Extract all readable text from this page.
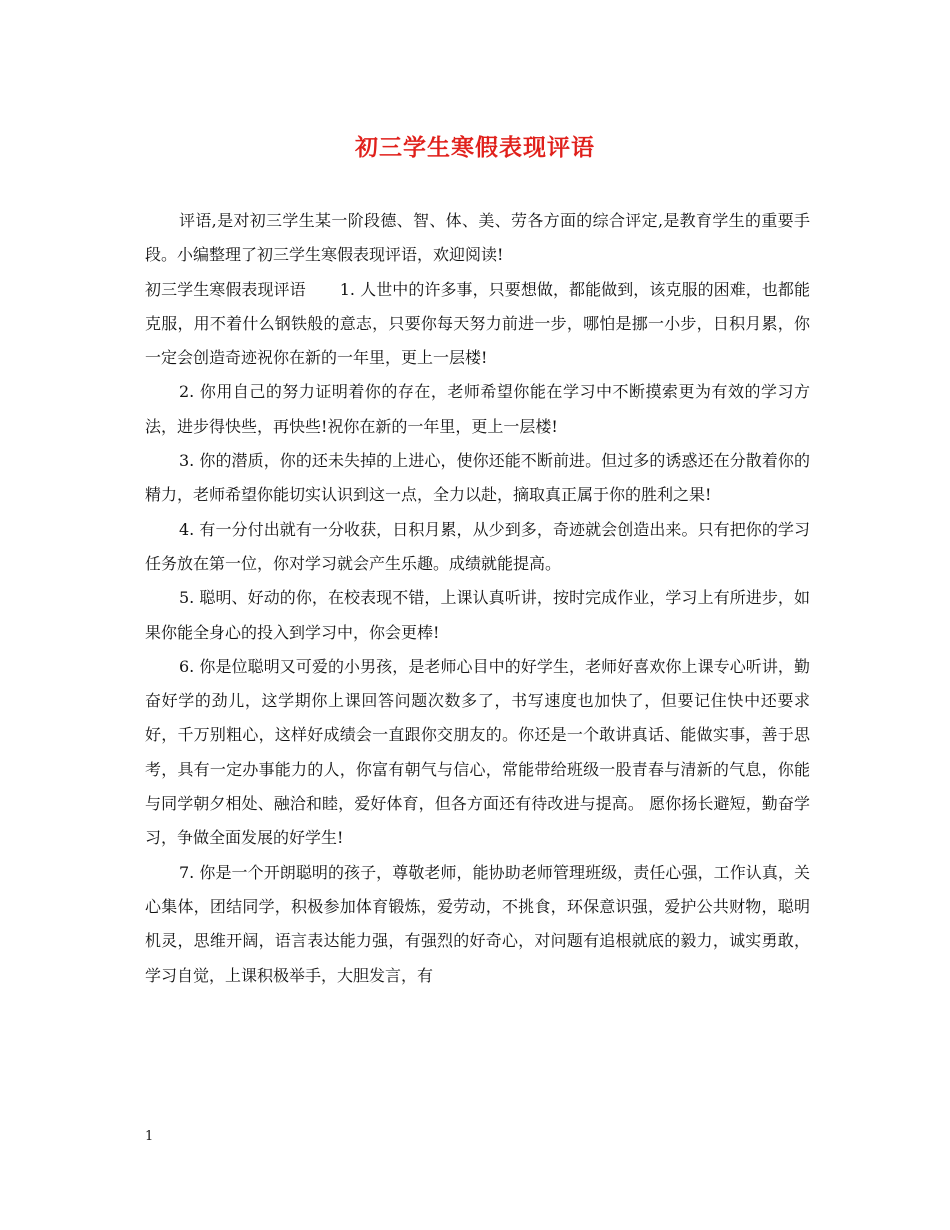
初三学生寒假表现评语

评语,是对初三学生某一阶段德、智、体、美、劳各方面的综合评定,是教育学生的重要手段。小编整理了初三学生寒假表现评语，欢迎阅读!

初三学生寒假表现评语 1. 人世中的许多事，只要想做，都能做到，该克服的困难，也都能克服，用不着什么钢铁般的意志，只要你每天努力前进一步，哪怕是挪一小步，日积月累，你一定会创造奇迹祝你在新的一年里，更上一层楼!

2. 你用自己的努力证明着你的存在，老师希望你能在学习中不断摸索更为有效的学习方法，进步得快些，再快些!祝你在新的一年里，更上一层楼!

3. 你的潜质，你的还未失掉的上进心，使你还能不断前进。但过多的诱惑还在分散着你的精力，老师希望你能切实认识到这一点，全力以赴，摘取真正属于你的胜利之果!

4. 有一分付出就有一分收获，日积月累，从少到多，奇迹就会创造出来。只有把你的学习任务放在第一位，你对学习就会产生乐趣。成绩就能提高。

5. 聪明、好动的你，在校表现不错，上课认真听讲，按时完成作业，学习上有所进步，如果你能全身心的投入到学习中，你会更棒!

6. 你是位聪明又可爱的小男孩，是老师心目中的好学生，老师好喜欢你上课专心听讲，勤奋好学的劲儿，这学期你上课回答问题次数多了，书写速度也加快了，但要记住快中还要求好，千万别粗心，这样好成绩会一直跟你交朋友的。你还是一个敢讲真话、能做实事，善于思考，具有一定办事能力的人，你富有朝气与信心，常能带给班级一股青春与清新的气息，你能与同学朝夕相处、融洽和睦，爱好体育，但各方面还有待改进与提高。 愿你扬长避短，勤奋学习，争做全面发展的好学生!

7. 你是一个开朗聪明的孩子，尊敬老师，能协助老师管理班级，责任心强，工作认真，关心集体，团结同学，积极参加体育锻炼，爱劳动，不挑食，环保意识强，爱护公共财物，聪明机灵，思维开阔，语言表达能力强，有强烈的好奇心，对问题有追根就底的毅力，诚实勇敢，学习自觉，上课积极举手，大胆发言，有

1
